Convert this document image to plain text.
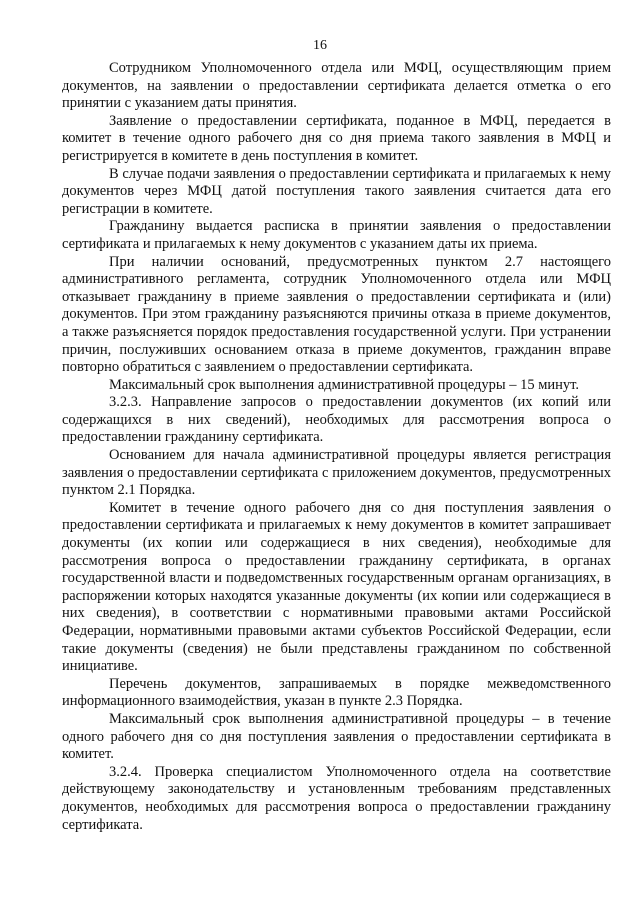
16

Сотрудником Уполномоченного отдела или МФЦ, осуществляющим прием документов, на заявлении о предоставлении сертификата делается отметка о его принятии с указанием даты принятия.

Заявление о предоставлении сертификата, поданное в МФЦ, передается в комитет в течение одного рабочего дня со дня приема такого заявления в МФЦ и регистрируется в комитете в день поступления в комитет.

В случае подачи заявления о предоставлении сертификата и прилагаемых к нему документов через МФЦ датой поступления такого заявления считается дата его регистрации в комитете.

Гражданину выдается расписка в принятии заявления о предоставлении сертификата и прилагаемых к нему документов с указанием даты их приема.

При наличии оснований, предусмотренных пунктом 2.7 настоящего административного регламента, сотрудник Уполномоченного отдела или МФЦ отказывает гражданину в приеме заявления о предоставлении сертификата и (или) документов. При этом гражданину разъясняются причины отказа в приеме документов, а также разъясняется порядок предоставления государственной услуги. При устранении причин, послуживших основанием отказа в приеме документов, гражданин вправе повторно обратиться с заявлением о предоставлении сертификата.

Максимальный срок выполнения административной процедуры – 15 минут.

3.2.3. Направление запросов о предоставлении документов (их копий или содержащихся в них сведений), необходимых для рассмотрения вопроса о предоставлении гражданину сертификата.

Основанием для начала административной процедуры является регистрация заявления о предоставлении сертификата с приложением документов, предусмотренных пунктом 2.1 Порядка.

Комитет в течение одного рабочего дня со дня поступления заявления о предоставлении сертификата и прилагаемых к нему документов в комитет запрашивает документы (их копии или содержащиеся в них сведения), необходимые для рассмотрения вопроса о предоставлении гражданину сертификата, в органах государственной власти и подведомственных государственным органам организациях, в распоряжении которых находятся указанные документы (их копии или содержащиеся в них сведения), в соответствии с нормативными правовыми актами Российской Федерации, нормативными правовыми актами субъектов Российской Федерации, если такие документы (сведения) не были представлены гражданином по собственной инициативе.

Перечень документов, запрашиваемых в порядке межведомственного информационного взаимодействия, указан в пункте 2.3 Порядка.

Максимальный срок выполнения административной процедуры – в течение одного рабочего дня со дня поступления заявления о предоставлении сертификата в комитет.

3.2.4. Проверка специалистом Уполномоченного отдела на соответствие действующему законодательству и установленным требованиям представленных документов, необходимых для рассмотрения вопроса о предоставлении гражданину сертификата.
